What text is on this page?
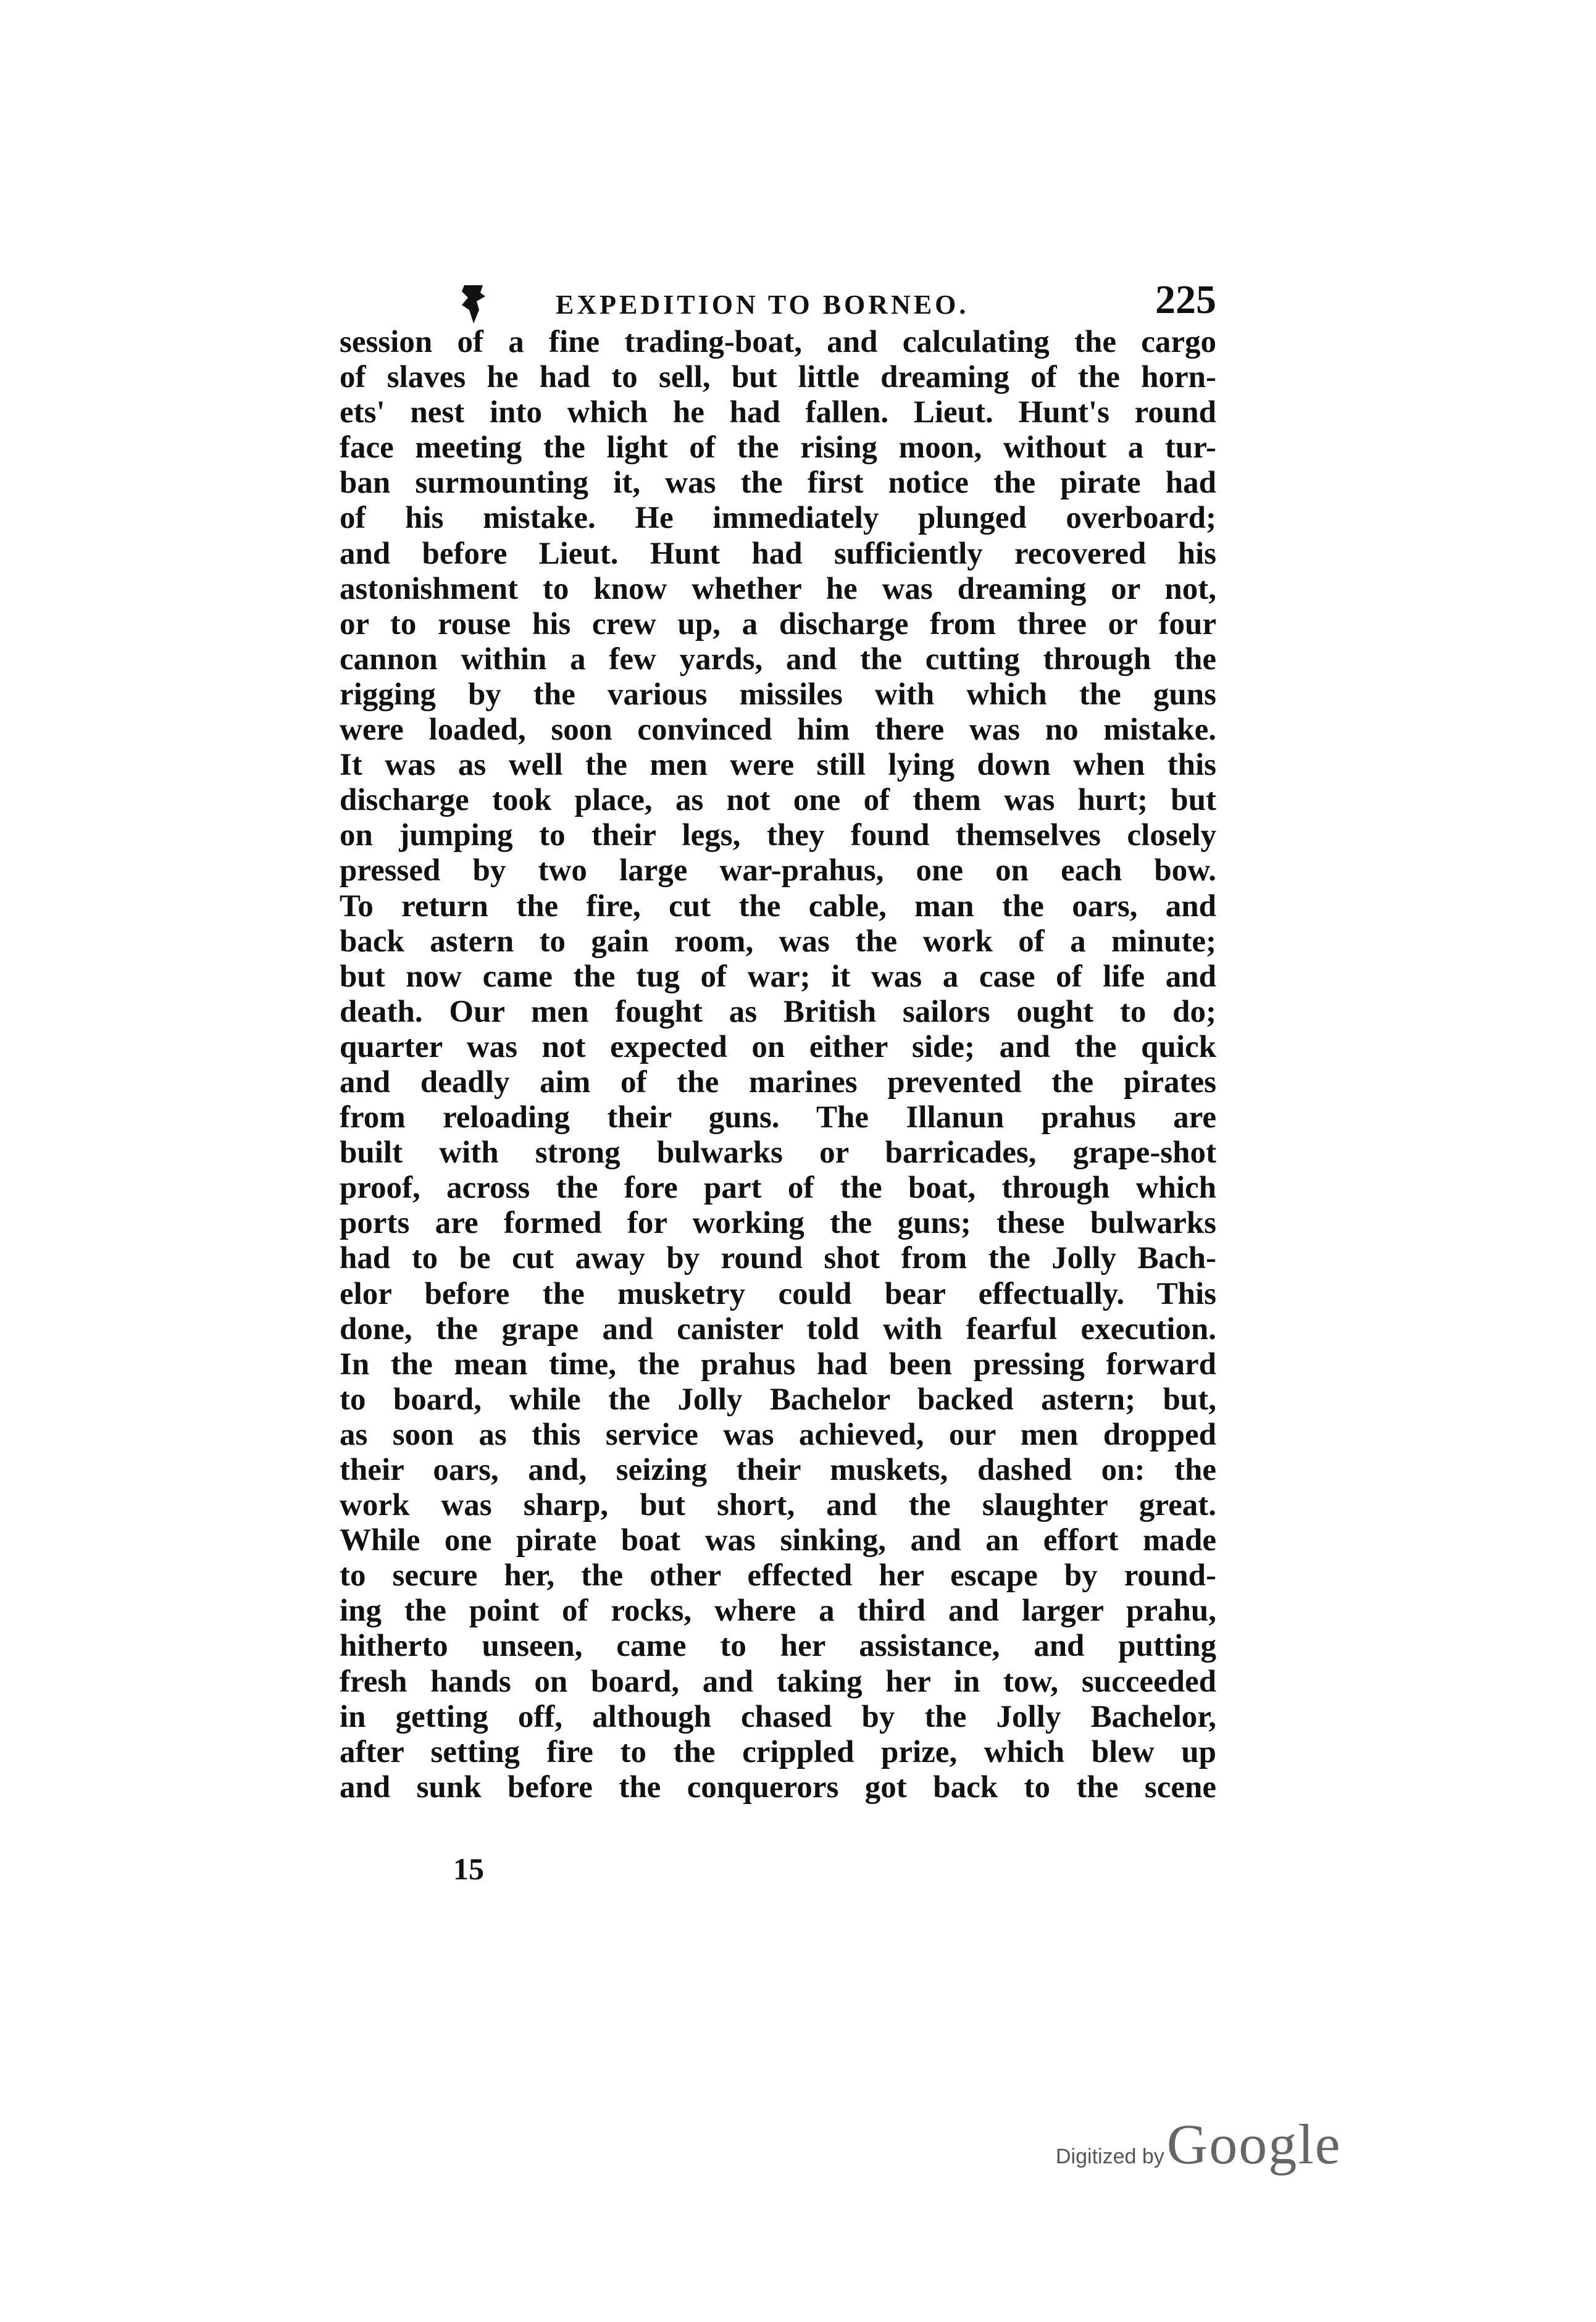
EXPEDITION TO BORNEO.	225
session of a fine trading-boat, and calculating the cargo
of slaves he had to sell, but little dreaming of the horn-
ets' nest into which he had fallen. Lieut. Hunt's round
face meeting the light of the rising moon, without a tur-
ban surmounting it, was the first notice the pirate had
of his mistake. He immediately plunged overboard;
and before Lieut. Hunt had sufficiently recovered his
astonishment to know whether he was dreaming or not,
or to rouse his crew up, a discharge from three or four
cannon within a few yards, and the cutting through the
rigging by the various missiles with which the guns
were loaded, soon convinced him there was no mistake.
It was as well the men were still lying down when this
discharge took place, as not one of them was hurt; but
on jumping to their legs, they found themselves closely
pressed by two large war-prahus, one on each bow.
To return the fire, cut the cable, man the oars, and
back astern to gain room, was the work of a minute;
but now came the tug of war; it was a case of life and
death. Our men fought as British sailors ought to do;
quarter was not expected on either side; and the quick
and deadly aim of the marines prevented the pirates
from reloading their guns. The Illanun prahus are
built with strong bulwarks or barricades, grape-shot
proof, across the fore part of the boat, through which
ports are formed for working the guns; these bulwarks
had to be cut away by round shot from the Jolly Bach-
elor before the musketry could bear effectually. This
done, the grape and canister told with fearful execution.
In the mean time, the prahus had been pressing forward
to board, while the Jolly Bachelor backed astern; but,
as soon as this service was achieved, our men dropped
their oars, and, seizing their muskets, dashed on: the
work was sharp, but short, and the slaughter great.
While one pirate boat was sinking, and an effort made
to secure her, the other effected her escape by round-
ing the point of rocks, where a third and larger prahu,
hitherto unseen, came to her assistance, and putting
fresh hands on board, and taking her in tow, succeeded
in getting off, although chased by the Jolly Bachelor,
after setting fire to the crippled prize, which blew up
and sunk before the conquerors got back to the scene
15
Digitized by Google
